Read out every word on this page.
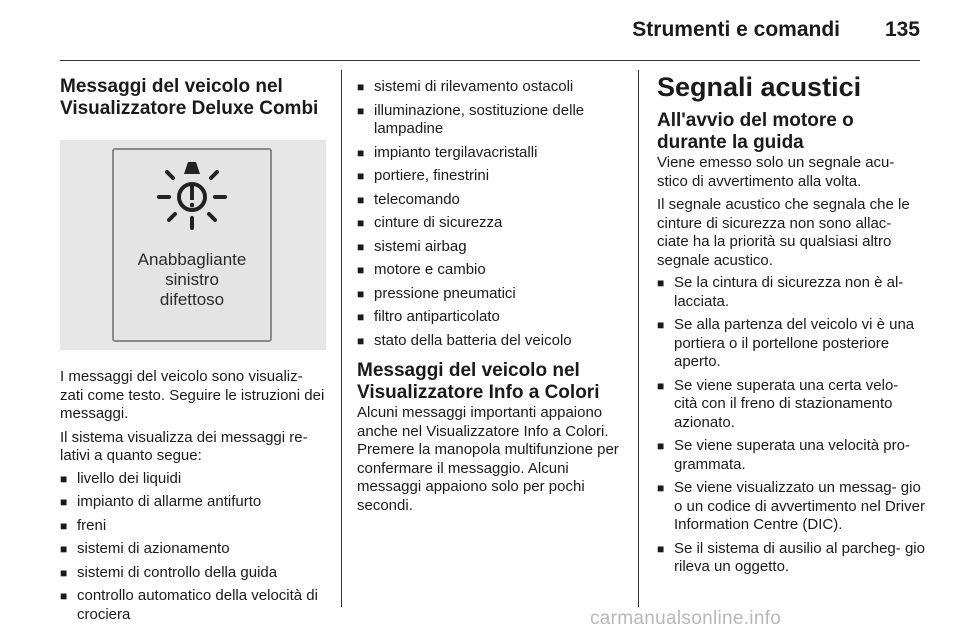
Strumenti e comandi	135
Messaggi del veicolo nel Visualizzatore Deluxe Combi
Anabbagliante
sinistro
difettoso

I messaggi del veicolo sono visualiz- zati come testo. Seguire le istruzioni dei messaggi.

Il sistema visualizza dei messaggi re- lativi a quanto segue:

■ livello dei liquidi
■ impianto di allarme antifurto
■ freni
■ sistemi di azionamento
■ sistemi di controllo della guida
■ controllo automatico della velocità di crociera
■ sistemi di rilevamento ostacoli
■ illuminazione, sostituzione delle lampadine
■ impianto tergilavacristalli
■ portiere, finestrini
■ telecomando
■ cinture di sicurezza
■ sistemi airbag
■ motore e cambio
■ pressione pneumatici
■ filtro antiparticolato
■ stato della batteria del veicolo
Messaggi del veicolo nel Visualizzatore Info a Colori

Alcuni messaggi importanti appaiono anche nel Visualizzatore Info a Colori. Premere la manopola multifunzione per confermare il messaggio. Alcuni messaggi appaiono solo per pochi secondi.

Segnali acustici
All'avvio del motore o durante la guida

Viene emesso solo un segnale acu- stico di avvertimento alla volta.

Il segnale acustico che segnala che le cinture di sicurezza non sono allac- ciate ha la priorità su qualsiasi altro segnale acustico.

■ Se la cintura di sicurezza non è al- lacciata.
■ Se alla partenza del veicolo vi è una portiera o il portellone posteriore aperto.
■ Se viene superata una certa velo- cità con il freno di stazionamento azionato.
■ Se viene superata una velocità pro- grammata.
■ Se viene visualizzato un messag- gio o un codice di avvertimento nel Driver Information Centre (DIC).
■ Se il sistema di ausilio al parcheg- gio rileva un oggetto.
carmanualsonline.info
